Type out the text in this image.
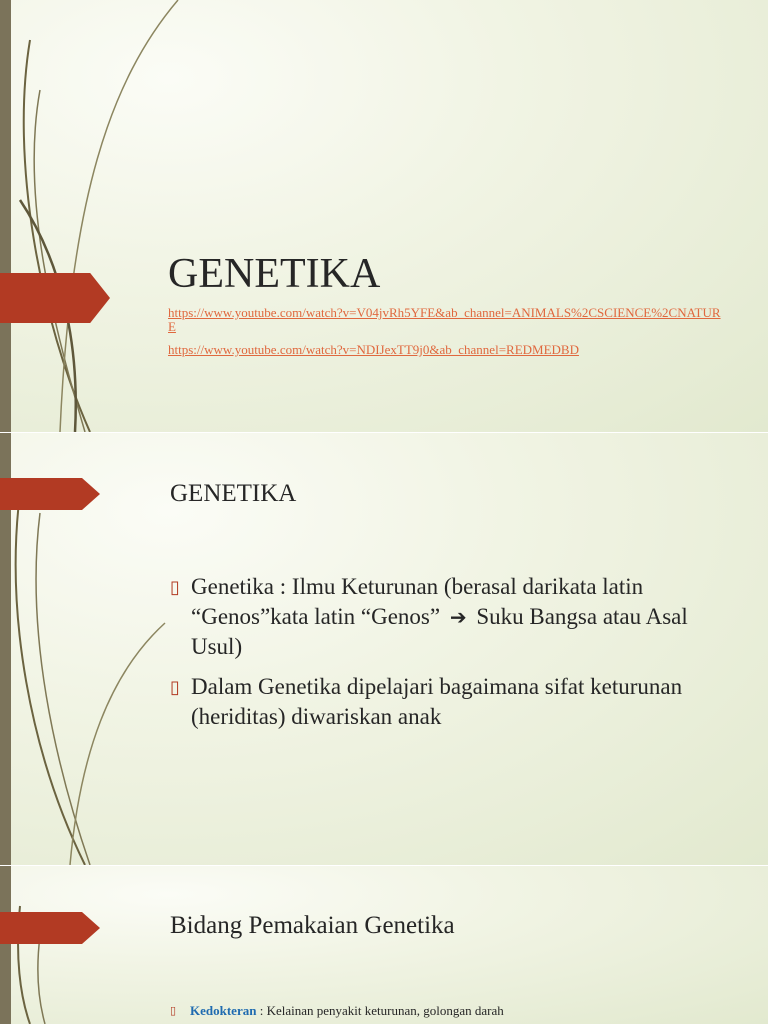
GENETIKA
https://www.youtube.com/watch?v=V04jvRh5YFE&ab_channel=ANIMALS%2CSCIENCE%2CNATURE
https://www.youtube.com/watch?v=NDIJexTT9j0&ab_channel=REDMEDBD
GENETIKA
▯ Genetika : Ilmu Keturunan (berasal darikata latin “Genos”kata latin “Genos” ➔ Suku Bangsa atau Asal Usul)
▯ Dalam Genetika dipelajari bagaimana sifat keturunan (heriditas) diwariskan anak
Bidang Pemakaian Genetika
▯ Kedokteran : Kelainan penyakit keturunan, golongan darah
